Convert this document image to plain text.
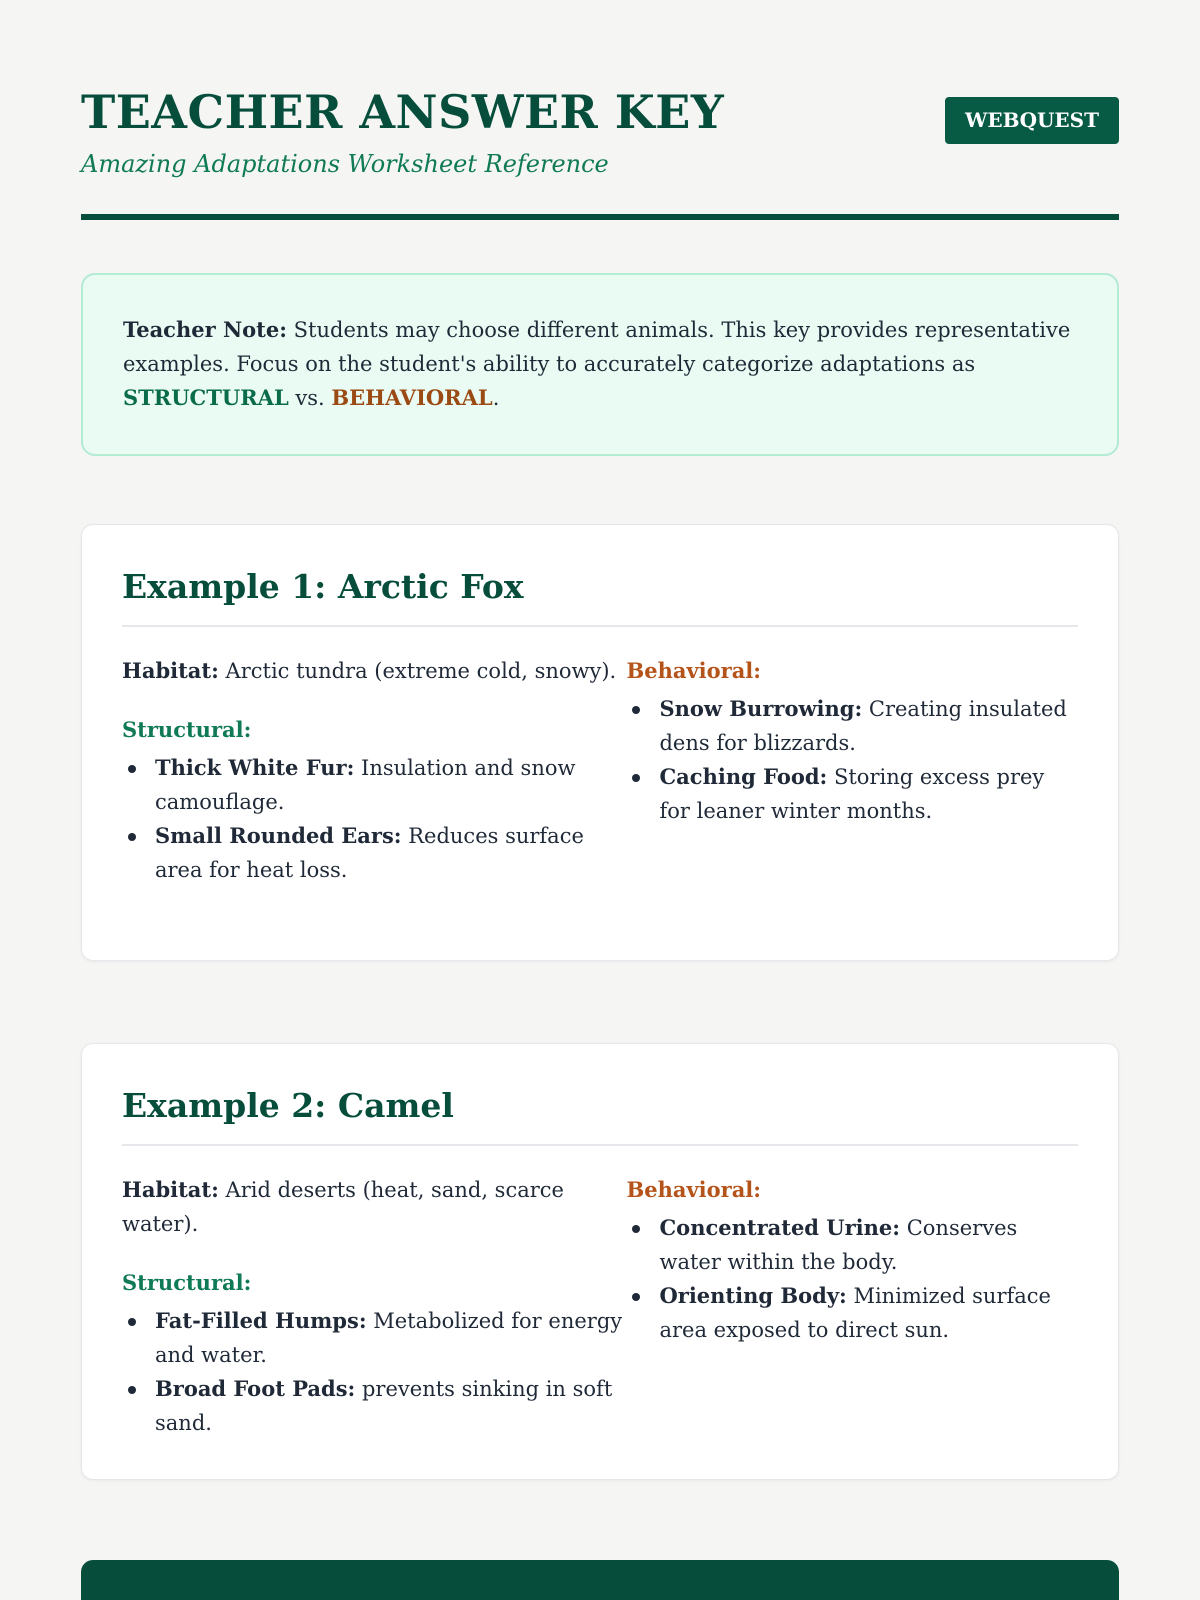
TEACHER ANSWER KEY
Amazing Adaptations Worksheet Reference
WEBQUEST
Teacher Note: Students may choose different animals. This key provides representative examples. Focus on the student's ability to accurately categorize adaptations as STRUCTURAL vs. BEHAVIORAL.
Example 1: Arctic Fox

Habitat: Arctic tundra (extreme cold, snowy).

Structural:
Thick White Fur: Insulation and snow camouflage.
Small Rounded Ears: Reduces surface area for heat loss.
Behavioral:
Snow Burrowing: Creating insulated dens for blizzards.
Caching Food: Storing excess prey for leaner winter months.
Example 2: Camel

Habitat: Arid deserts (heat, sand, scarce water).

Structural:
Fat-Filled Humps: Metabolized for energy and water.
Broad Foot Pads: prevents sinking in soft sand.
Behavioral:
Concentrated Urine: Conserves water within the body.
Orienting Body: Minimized surface area exposed to direct sun.
